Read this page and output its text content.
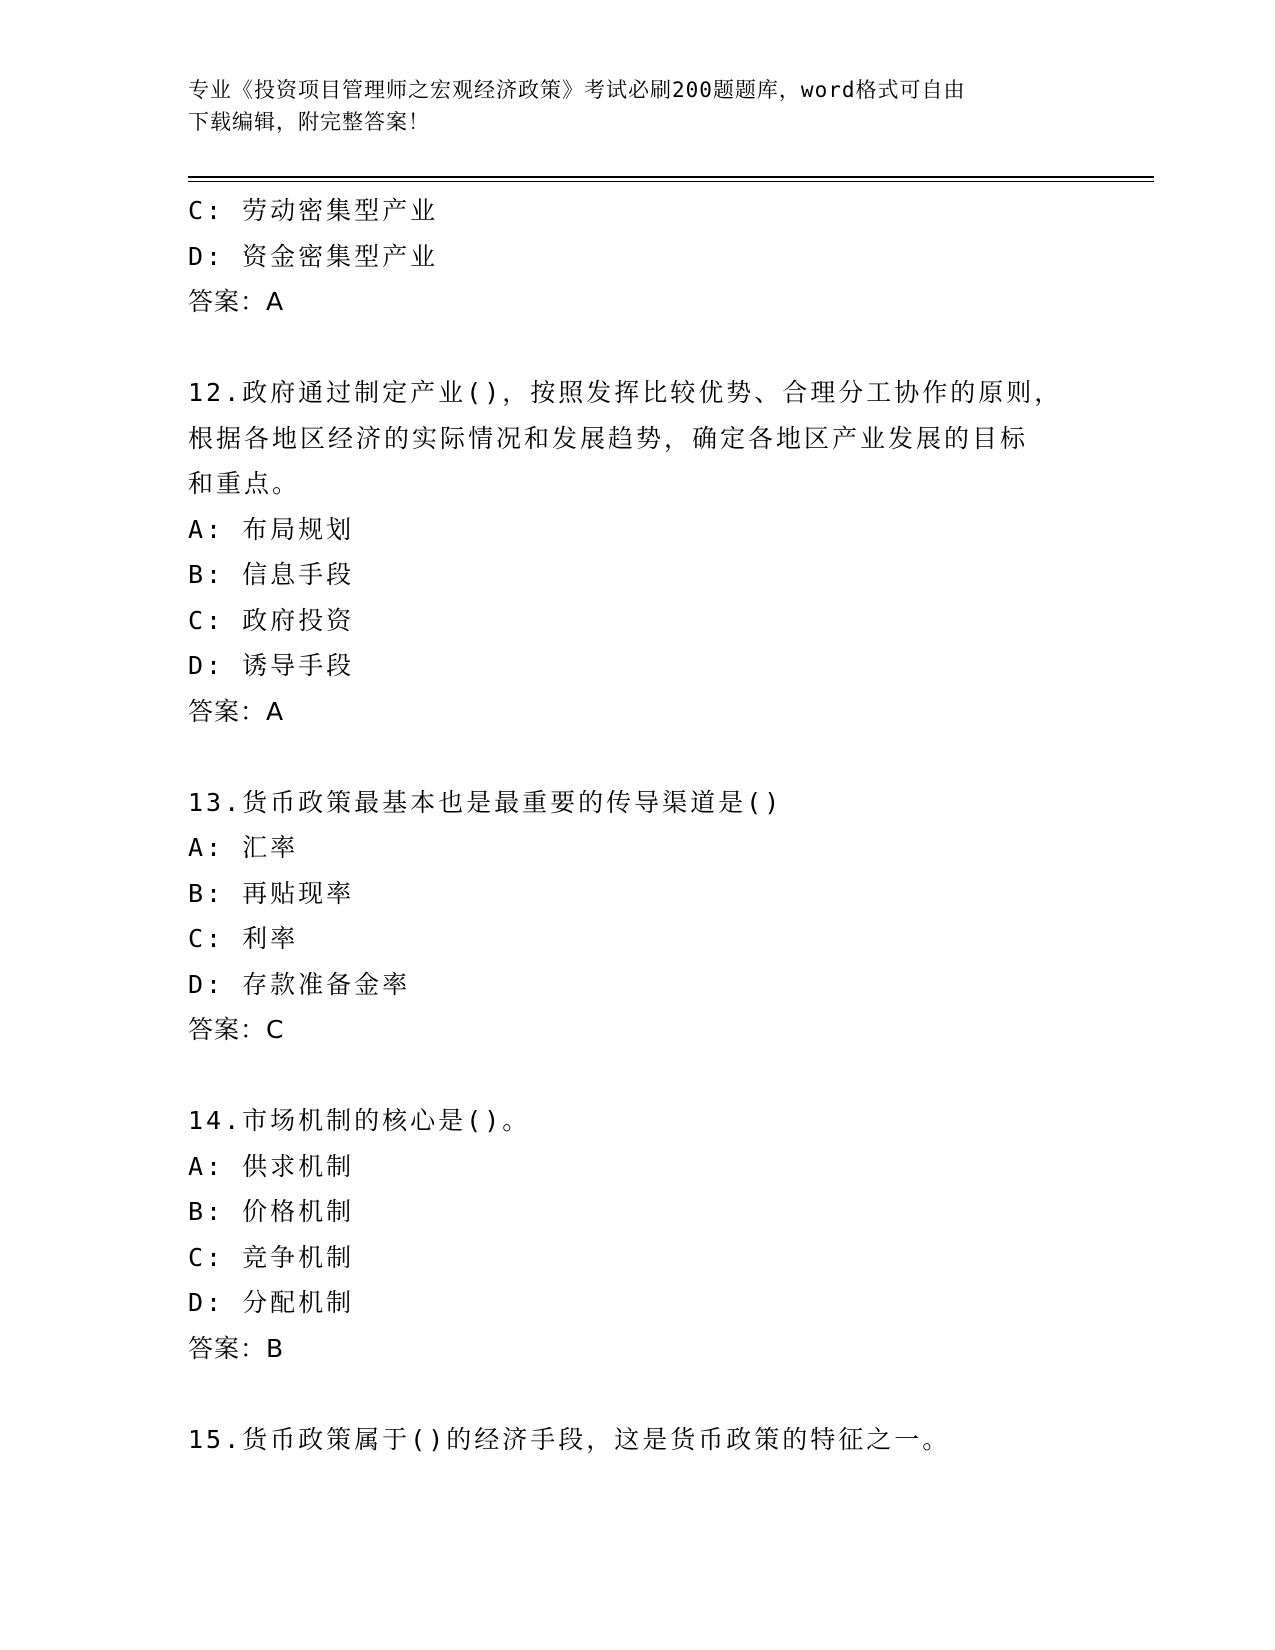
专业《投资项目管理师之宏观经济政策》考试必刷200题题库，word格式可自由
下载编辑，附完整答案！
C: 劳动密集型产业
D: 资金密集型产业
答案：A
12.政府通过制定产业()，按照发挥比较优势、合理分工协作的原则，
根据各地区经济的实际情况和发展趋势，确定各地区产业发展的目标
和重点。
A: 布局规划
B: 信息手段
C: 政府投资
D: 诱导手段
答案：A
13.货币政策最基本也是最重要的传导渠道是()
A: 汇率
B: 再贴现率
C: 利率
D: 存款准备金率
答案：C
14.市场机制的核心是()。
A: 供求机制
B: 价格机制
C: 竞争机制
D: 分配机制
答案：B
15.货币政策属于()的经济手段，这是货币政策的特征之一。
